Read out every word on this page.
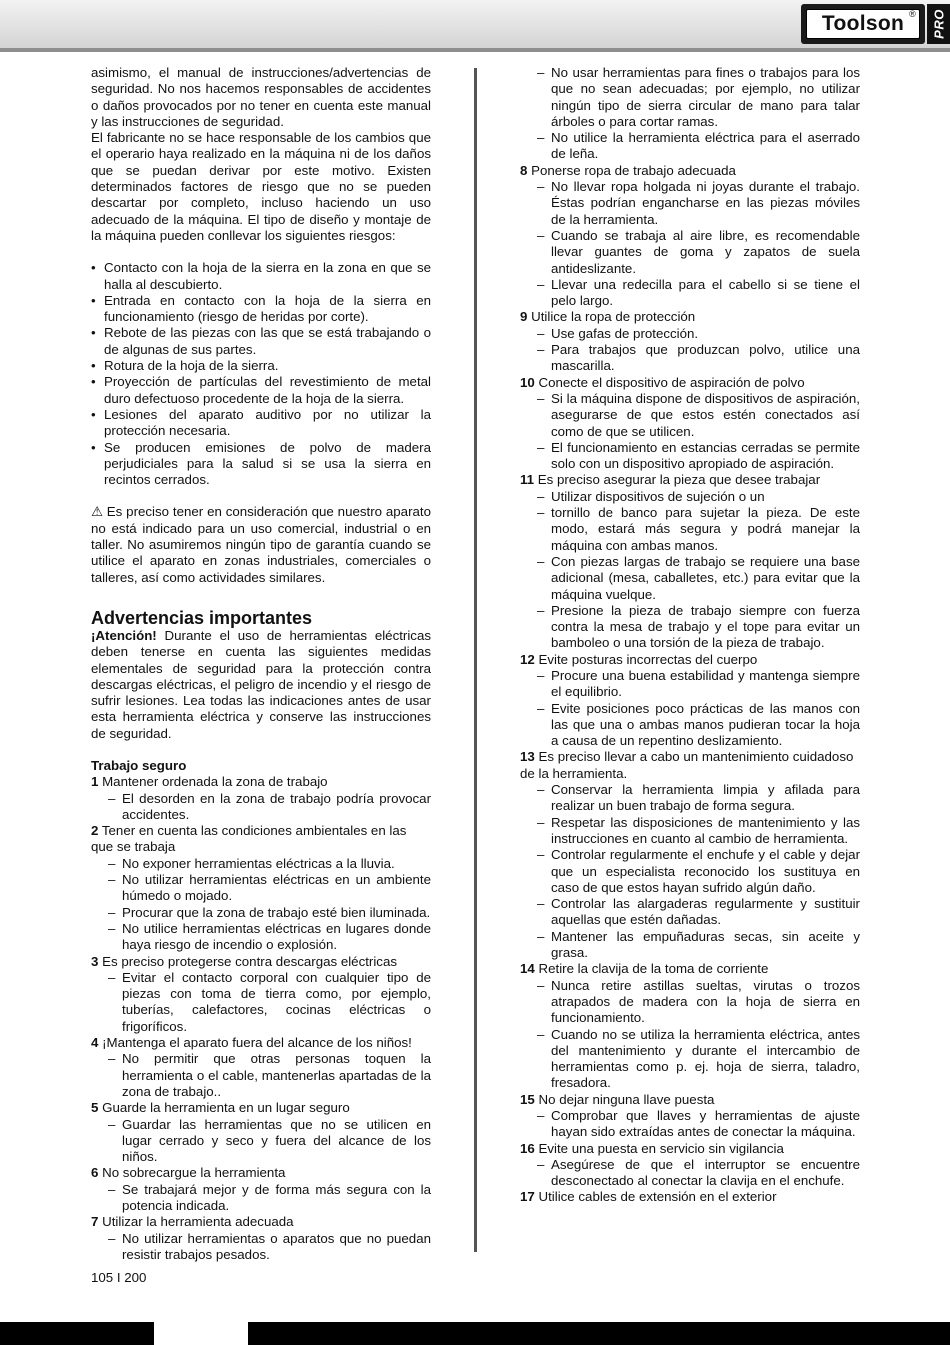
Toolson ® PRO

asimismo, el manual de instrucciones/advertencias de seguridad. No nos hacemos responsables de accidentes o daños provocados por no tener en cuenta este manual y las instrucciones de seguridad.

El fabricante no se hace responsable de los cambios que el operario haya realizado en la máquina ni de los daños que se puedan derivar por este motivo. Existen determinados factores de riesgo que no se pueden descartar por completo, incluso haciendo un uso adecuado de la máquina. El tipo de diseño y montaje de la máquina pueden conllevar los siguientes riesgos:

• Contacto con la hoja de la sierra en la zona en que se halla al descubierto.
• Entrada en contacto con la hoja de la sierra en funcionamiento (riesgo de heridas por corte).
• Rebote de las piezas con las que se está trabajando o de algunas de sus partes.
• Rotura de la hoja de la sierra.
• Proyección de partículas del revestimiento de metal duro defectuoso procedente de la hoja de la sierra.
• Lesiones del aparato auditivo por no utilizar la protección necesaria.
• Se producen emisiones de polvo de madera perjudiciales para la salud si se usa la sierra en recintos cerrados.

⚠ Es preciso tener en consideración que nuestro aparato no está indicado para un uso comercial, industrial o en taller. No asumiremos ningún tipo de garantía cuando se utilice el aparato en zonas industriales, comerciales o talleres, así como actividades similares.

Advertencias importantes

¡Atención! Durante el uso de herramientas eléctricas deben tenerse en cuenta las siguientes medidas elementales de seguridad para la protección contra descargas eléctricas, el peligro de incendio y el riesgo de sufrir lesiones. Lea todas las indicaciones antes de usar esta herramienta eléctrica y conserve las instrucciones de seguridad.

Trabajo seguro

1 Mantener ordenada la zona de trabajo
– El desorden en la zona de trabajo podría provocar accidentes.
2 Tener en cuenta las condiciones ambientales en las que se trabaja
– No exponer herramientas eléctricas a la lluvia.
– No utilizar herramientas eléctricas en un ambiente húmedo o mojado.
– Procurar que la zona de trabajo esté bien iluminada.
– No utilice herramientas eléctricas en lugares donde haya riesgo de incendio o explosión.
3 Es preciso protegerse contra descargas eléctricas
– Evitar el contacto corporal con cualquier tipo de piezas con toma de tierra como, por ejemplo, tuberías, calefactores, cocinas eléctricas o frigoríficos.
4 ¡Mantenga el aparato fuera del alcance de los niños!
– No permitir que otras personas toquen la herramienta o el cable, mantenerlas apartadas de la zona de trabajo..
5 Guarde la herramienta en un lugar seguro
– Guardar las herramientas que no se utilicen en lugar cerrado y seco y fuera del alcance de los niños.
6 No sobrecargue la herramienta
– Se trabajará mejor y de forma más segura con la potencia indicada.
7 Utilizar la herramienta adecuada
– No utilizar herramientas o aparatos que no puedan resistir trabajos pesados.
– No usar herramientas para fines o trabajos para los que no sean adecuadas; por ejemplo, no utilizar ningún tipo de sierra circular de mano para talar árboles o para cortar ramas.
– No utilice la herramienta eléctrica para el aserrado de leña.
8 Ponerse ropa de trabajo adecuada
– No llevar ropa holgada ni joyas durante el trabajo. Éstas podrían engancharse en las piezas móviles de la herramienta.
– Cuando se trabaja al aire libre, es recomendable llevar guantes de goma y zapatos de suela antideslizante.
– Llevar una redecilla para el cabello si se tiene el pelo largo.
9 Utilice la ropa de protección
– Use gafas de protección.
– Para trabajos que produzcan polvo, utilice una mascarilla.
10 Conecte el dispositivo de aspiración de polvo
– Si la máquina dispone de dispositivos de aspiración, asegurarse de que estos estén conectados así como de que se utilicen.
– El funcionamiento en estancias cerradas se permite solo con un dispositivo apropiado de aspiración.
11 Es preciso asegurar la pieza que desee trabajar
– Utilizar dispositivos de sujeción o un
– tornillo de banco para sujetar la pieza. De este modo, estará más segura y podrá manejar la máquina con ambas manos.
– Con piezas largas de trabajo se requiere una base adicional (mesa, caballetes, etc.) para evitar que la máquina vuelque.
– Presione la pieza de trabajo siempre con fuerza contra la mesa de trabajo y el tope para evitar un bamboleo o una torsión de la pieza de trabajo.
12 Evite posturas incorrectas del cuerpo
– Procure una buena estabilidad y mantenga siempre el equilibrio.
– Evite posiciones poco prácticas de las manos con las que una o ambas manos pudieran tocar la hoja a causa de un repentino deslizamiento.
13 Es preciso llevar a cabo un mantenimiento cuidadoso de la herramienta.
– Conservar la herramienta limpia y afilada para realizar un buen trabajo de forma segura.
– Respetar las disposiciones de mantenimiento y las instrucciones en cuanto al cambio de herramienta.
– Controlar regularmente el enchufe y el cable y dejar que un especialista reconocido los sustituya en caso de que estos hayan sufrido algún daño.
– Controlar las alargaderas regularmente y sustituir aquellas que estén dañadas.
– Mantener las empuñaduras secas, sin aceite y grasa.
14 Retire la clavija de la toma de corriente
– Nunca retire astillas sueltas, virutas o trozos atrapados de madera con la hoja de sierra en funcionamiento.
– Cuando no se utiliza la herramienta eléctrica, antes del mantenimiento y durante el intercambio de herramientas como p. ej. hoja de sierra, taladro, fresadora.
15 No dejar ninguna llave puesta
– Comprobar que llaves y herramientas de ajuste hayan sido extraídas antes de conectar la máquina.
16 Evite una puesta en servicio sin vigilancia
– Asegúrese de que el interruptor se encuentre desconectado al conectar la clavija en el enchufe.
17 Utilice cables de extensión en el exterior
105 I 200
